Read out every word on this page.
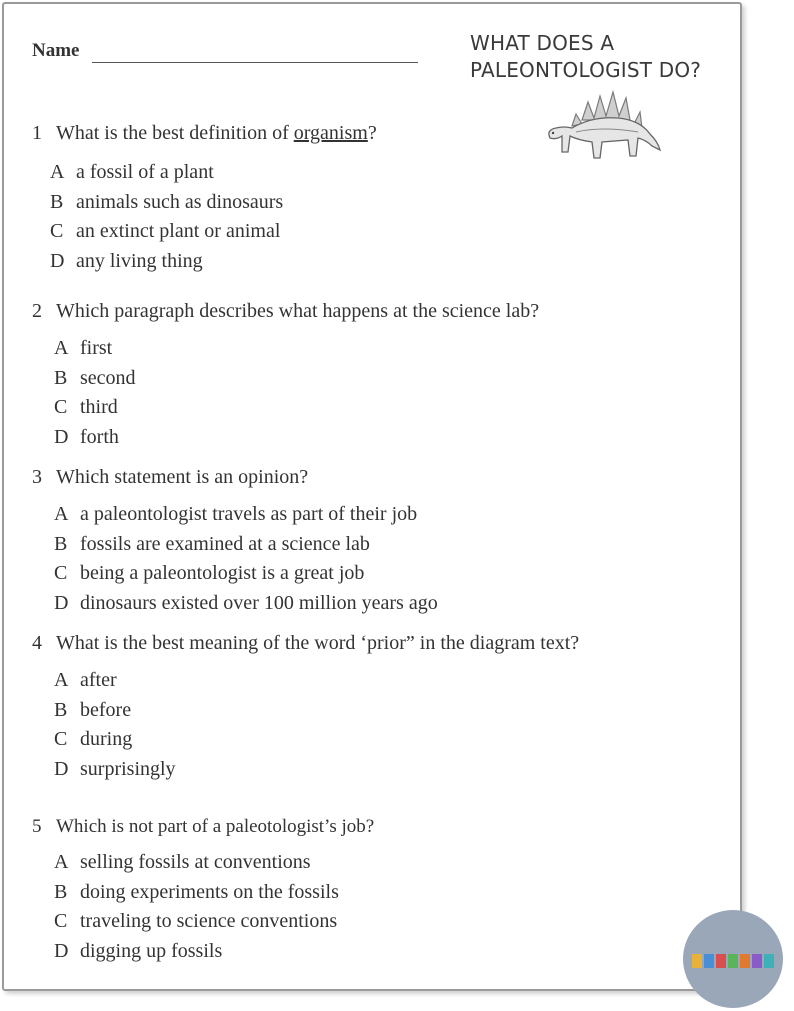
Name	WHAT DOES A
PALEONTOLOGIST DO?
1 What is the best definition of organism?
A a fossil of a plant
B animals such as dinosaurs
C an extinct plant or animal
D any living thing
2 Which paragraph describes what happens at the science lab?
A first
B second
C third
D forth
3 Which statement is an opinion?
A a paleontologist travels as part of their job
B fossils are examined at a science lab
C being a paleontologist is a great job
D dinosaurs existed over 100 million years ago
4 What is the best meaning of the word ‘prior” in the diagram text?
A after
B before
C during
D surprisingly
5 Which is not part of a paleotologist’s job?
A selling fossils at conventions
B doing experiments on the fossils
C traveling to science conventions
D digging up fossils
